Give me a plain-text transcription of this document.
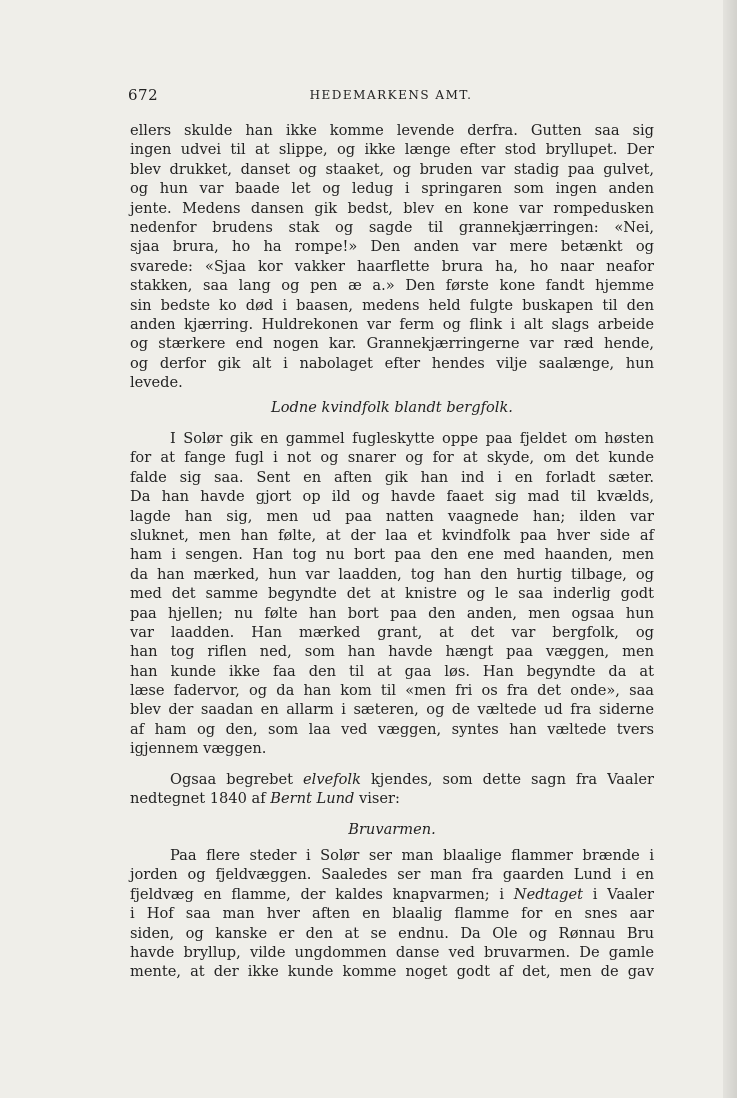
672	HEDEMARKENS AMT.
ellers skulde han ikke komme levende derfra. Gutten saa sig
ingen udvei til at slippe, og ikke længe efter stod bryllupet. Der
blev drukket, danset og staaket, og bruden var stadig paa gulvet,
og hun var baade let og ledug i springaren som ingen anden
jente. Medens dansen gik bedst, blev en kone var rompedusken
nedenfor brudens stak og sagde til grannekjærringen: «Nei,
sjaa brura, ho ha rompe!» Den anden var mere betænkt og
svarede: «Sjaa kor vakker haarflette brura ha, ho naar neafor
stakken, saa lang og pen æ a.» Den første kone fandt hjemme
sin bedste ko død i baasen, medens held fulgte buskapen til den
anden kjærring. Huldrekonen var ferm og flink i alt slags arbeide
og stærkere end nogen kar. Grannekjærringerne var ræd hende,
og derfor gik alt i nabolaget efter hendes vilje saalænge, hun
levede.
Lodne kvindfolk blandt bergfolk.
I Solør gik en gammel fugleskytte oppe paa fjeldet om høsten
for at fange fugl i not og snarer og for at skyde, om det kunde
falde sig saa. Sent en aften gik han ind i en forladt sæter.
Da han havde gjort op ild og havde faaet sig mad til kvælds,
lagde han sig, men ud paa natten vaagnede han; ilden var
sluknet, men han følte, at der laa et kvindfolk paa hver side af
ham i sengen. Han tog nu bort paa den ene med haanden, men
da han mærked, hun var laadden, tog han den hurtig tilbage, og
med det samme begyndte det at knistre og le saa inderlig godt
paa hjellen; nu følte han bort paa den anden, men ogsaa hun
var laadden. Han mærked grant, at det var bergfolk, og
han tog riflen ned, som han havde hængt paa væggen, men
han kunde ikke faa den til at gaa løs. Han begyndte da at
læse fadervor, og da han kom til «men fri os fra det onde», saa
blev der saadan en allarm i sæteren, og de væltede ud fra siderne
af ham og den, som laa ved væggen, syntes han væltede tvers
igjennem væggen.
Ogsaa begrebet elvefolk kjendes, som dette sagn fra Vaaler
nedtegnet 1840 af Bernt Lund viser:
Bruvarmen.
Paa flere steder i Solør ser man blaalige flammer brænde i
jorden og fjeldvæggen. Saaledes ser man fra gaarden Lund i en
fjeldvæg en flamme, der kaldes knapvarmen; i Nedtaget i Vaaler
i Hof saa man hver aften en blaalig flamme for en snes aar
siden, og kanske er den at se endnu. Da Ole og Rønnau Bru
havde bryllup, vilde ungdommen danse ved bruvarmen. De gamle
mente, at der ikke kunde komme noget godt af det, men de gav
